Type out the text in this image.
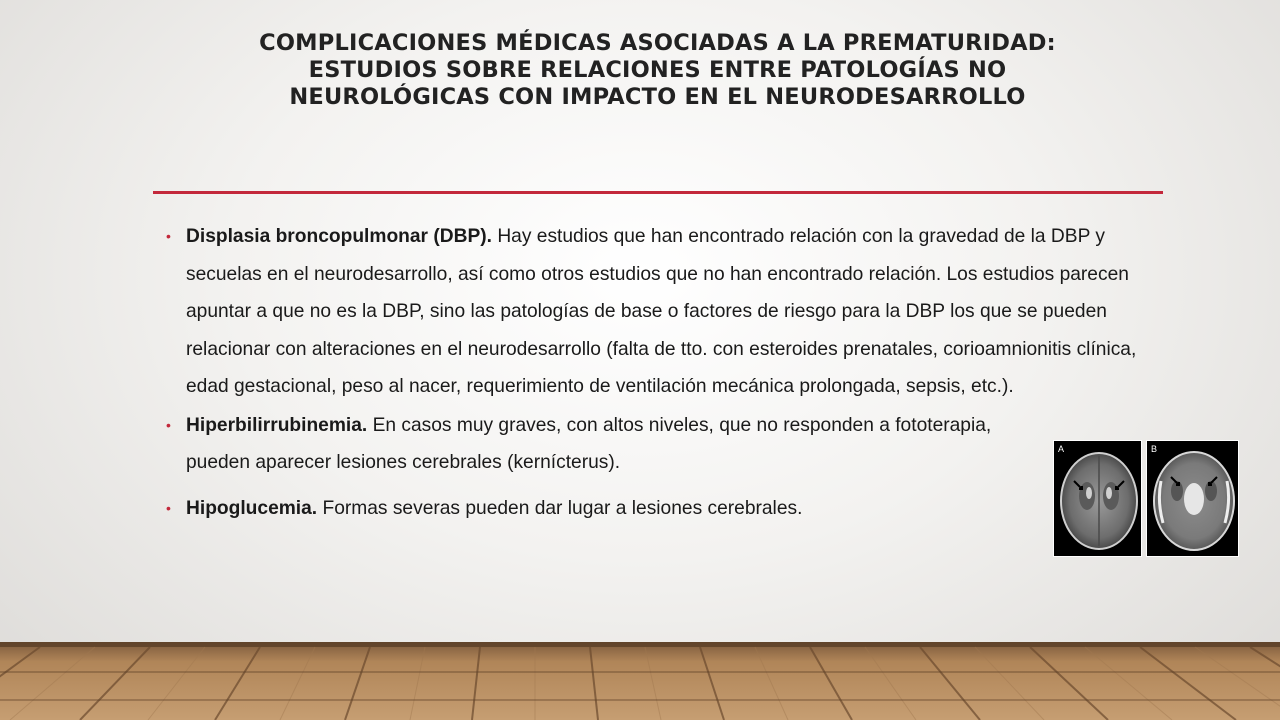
COMPLICACIONES MÉDICAS ASOCIADAS A LA PREMATURIDAD:
ESTUDIOS SOBRE RELACIONES ENTRE PATOLOGÍAS NO
NEUROLÓGICAS CON IMPACTO EN EL NEURODESARROLLO
• Displasia broncopulmonar (DBP). Hay estudios que han encontrado relación con la gravedad de la DBP y secuelas en el neurodesarrollo, así como otros estudios que no han encontrado relación. Los estudios parecen apuntar a que no es la DBP, sino las patologías de base o factores de riesgo para la DBP los que se pueden relacionar con alteraciones en el neurodesarrollo (falta de tto. con esteroides prenatales, corioamnionitis clínica, edad gestacional, peso al nacer, requerimiento de ventilación mecánica prolongada, sepsis, etc.).
• Hiperbilirrubinemia. En casos muy graves, con altos niveles, que no responden a fototerapia, pueden aparecer lesiones cerebrales (kernícterus).
• Hipoglucemia. Formas severas pueden dar lugar a lesiones cerebrales.
A	B
